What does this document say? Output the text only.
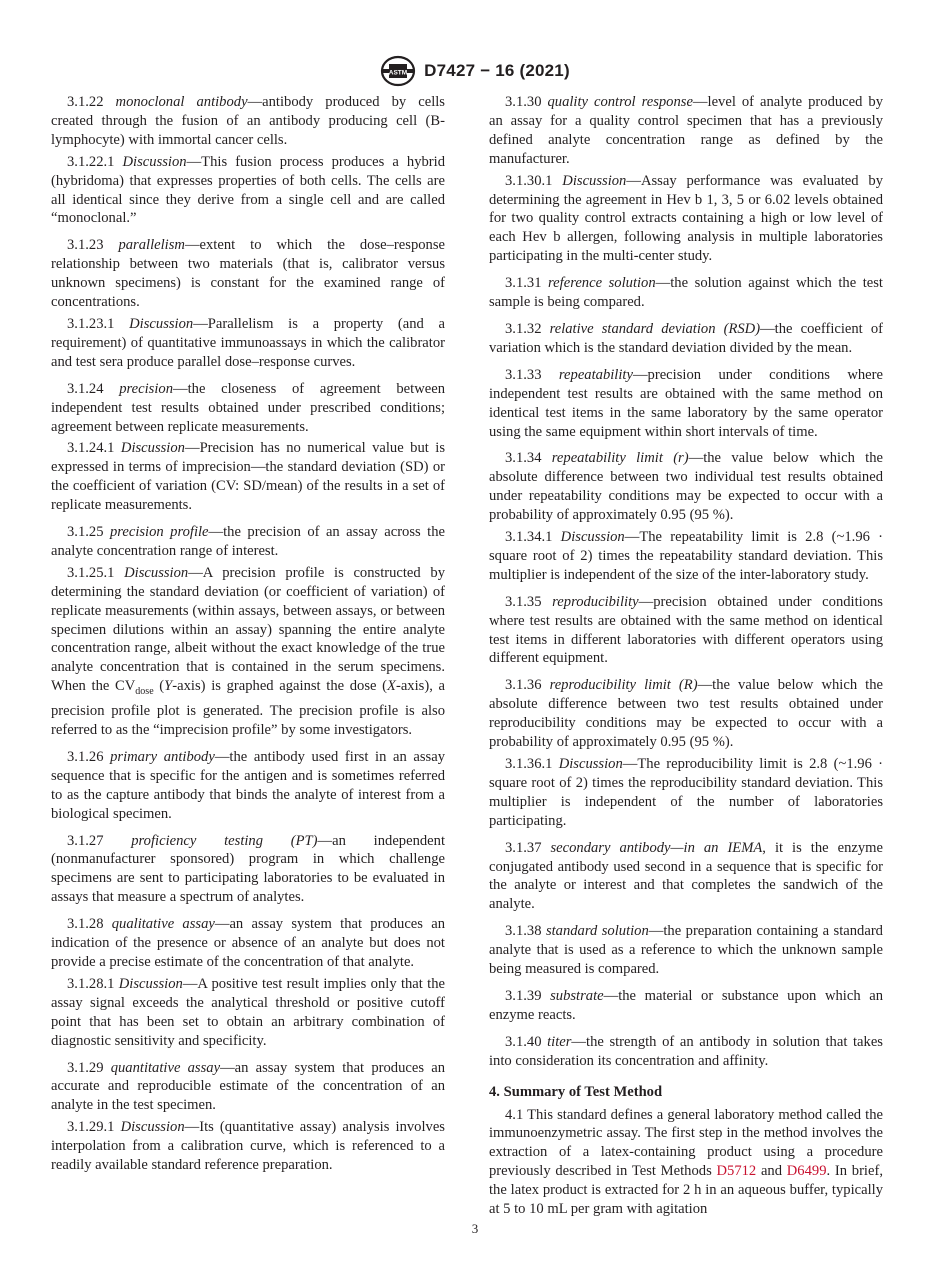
ASTM D7427 − 16 (2021)

3.1.22 monoclonal antibody—antibody produced by cells created through the fusion of an antibody producing cell (B-lymphocyte) with immortal cancer cells.

3.1.22.1 Discussion—This fusion process produces a hybrid (hybridoma) that expresses properties of both cells. The cells are all identical since they derive from a single cell and are called “monoclonal.”

3.1.23 parallelism—extent to which the dose–response relationship between two materials (that is, calibrator versus unknown specimens) is constant for the examined range of concentrations.

3.1.23.1 Discussion—Parallelism is a property (and a requirement) of quantitative immunoassays in which the calibrator and test sera produce parallel dose–response curves.

3.1.24 precision—the closeness of agreement between independent test results obtained under prescribed conditions; agreement between replicate measurements.

3.1.24.1 Discussion—Precision has no numerical value but is expressed in terms of imprecision—the standard deviation (SD) or the coefficient of variation (CV: SD/mean) of the results in a set of replicate measurements.

3.1.25 precision profile—the precision of an assay across the analyte concentration range of interest.

3.1.25.1 Discussion—A precision profile is constructed by determining the standard deviation (or coefficient of variation) of replicate measurements (within assays, between assays, or between specimen dilutions within an assay) spanning the entire analyte concentration range, albeit without the exact knowledge of the true analyte concentration that is contained in the serum specimens. When the $CV_{dose}$ (Y-axis) is graphed against the dose (X-axis), a precision profile plot is generated. The precision profile is also referred to as the “imprecision profile” by some investigators.

3.1.26 primary antibody—the antibody used first in an assay sequence that is specific for the antigen and is sometimes referred to as the capture antibody that binds the analyte of interest from a biological specimen.

3.1.27 proficiency testing (PT)—an independent (nonmanufacturer sponsored) program in which challenge specimens are sent to participating laboratories to be evaluated in assays that measure a spectrum of analytes.

3.1.28 qualitative assay—an assay system that produces an indication of the presence or absence of an analyte but does not provide a precise estimate of the concentration of that analyte.

3.1.28.1 Discussion—A positive test result implies only that the assay signal exceeds the analytical threshold or positive cutoff point that has been set to obtain an arbitrary combination of diagnostic sensitivity and specificity.

3.1.29 quantitative assay—an assay system that produces an accurate and reproducible estimate of the concentration of an analyte in the test specimen.

3.1.29.1 Discussion—Its (quantitative assay) analysis involves interpolation from a calibration curve, which is referenced to a readily available standard reference preparation.

3.1.30 quality control response—level of analyte produced by an assay for a quality control specimen that has a previously defined analyte concentration range as defined by the manufacturer.

3.1.30.1 Discussion—Assay performance was evaluated by determining the agreement in Hev b 1, 3, 5 or 6.02 levels obtained for two quality control extracts containing a high or low level of each Hev b allergen, following analysis in multiple laboratories participating in the multi-center study.

3.1.31 reference solution—the solution against which the test sample is being compared.

3.1.32 relative standard deviation (RSD)—the coefficient of variation which is the standard deviation divided by the mean.

3.1.33 repeatability—precision under conditions where independent test results are obtained with the same method on identical test items in the same laboratory by the same operator using the same equipment within short intervals of time.

3.1.34 repeatability limit (r)—the value below which the absolute difference between two individual test results obtained under repeatability conditions may be expected to occur with a probability of approximately 0.95 (95 %).

3.1.34.1 Discussion—The repeatability limit is 2.8 (~1.96 · square root of 2) times the repeatability standard deviation. This multiplier is independent of the size of the inter-laboratory study.

3.1.35 reproducibility—precision obtained under conditions where test results are obtained with the same method on identical test items in different laboratories with different operators using different equipment.

3.1.36 reproducibility limit (R)—the value below which the absolute difference between two test results obtained under reproducibility conditions may be expected to occur with a probability of approximately 0.95 (95 %).

3.1.36.1 Discussion—The reproducibility limit is 2.8 (~1.96 · square root of 2) times the reproducibility standard deviation. This multiplier is independent of the number of laboratories participating.

3.1.37 secondary antibody—in an IEMA, it is the enzyme conjugated antibody used second in a sequence that is specific for the analyte or interest and that completes the sandwich of the analyte.

3.1.38 standard solution—the preparation containing a standard analyte that is used as a reference to which the unknown sample being measured is compared.

3.1.39 substrate—the material or substance upon which an enzyme reacts.

3.1.40 titer—the strength of an antibody in solution that takes into consideration its concentration and affinity.

4. Summary of Test Method

4.1 This standard defines a general laboratory method called the immunoenzymetric assay. The first step in the method involves the extraction of a latex-containing product using a procedure previously described in Test Methods D5712 and D6499. In brief, the latex product is extracted for 2 h in an aqueous buffer, typically at 5 to 10 mL per gram with agitation

3
